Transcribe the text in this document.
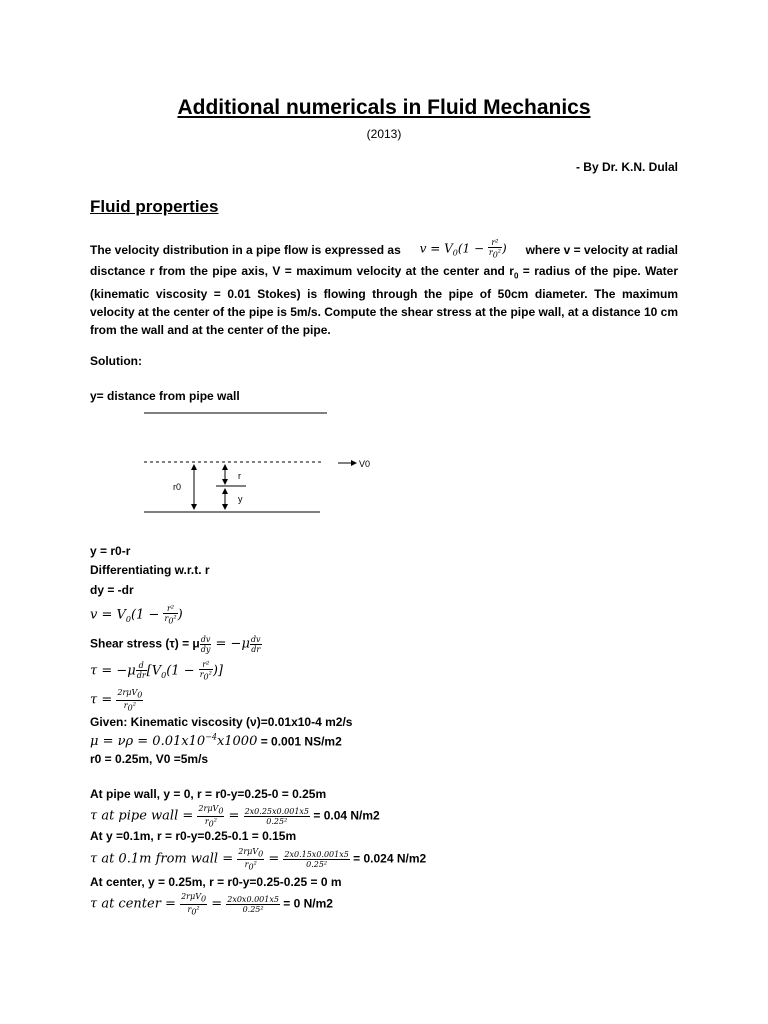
Additional numericals in Fluid Mechanics
(2013)
- By Dr. K.N. Dulal
Fluid properties
The velocity distribution in a pipe flow is expressed as $v = V_0(1 - \frac{\text{r²}}{r_0^2}$ ) where v = velocity at radial
disctance r from the pipe axis, V = maximum velocity at the center and $r_0$ = radius of the pipe. Water (kinematic viscosity = 0.01 Stokes) is flowing through the pipe of 50cm diameter. The maximum velocity at the center of the pipe is 5m/s. Compute the shear stress at the pipe wall, at a distance 10 cm from the wall and at the center of the pipe.
Solution:
y= distance from pipe wall
V0
r0
r
y
y = r0-r
Differentiating w.r.t. r
dy = -dr
$v = V_0(1 - \frac{\text{r²}}{r_0^2}$ )
Shear stress (τ) = μ $\frac{dv}{dy} = -\mu \frac{dv}{dr}$
$\tau = -\mu \frac{d}{dr} [V_0(1 - \frac{\text{r²}}{r_0^2}$ )]
$\tau = \frac{2r\mu V_0}{r_0^2}$
Given: Kinematic viscosity (ν)=0.01x10-4 m2/s
$\mu = \nu\rho = 0.01x10^{-4}x1000 = 0.001$ NS/m2
r0 = 0.25m, V0 =5m/s
At pipe wall, y = 0, r = r0-y=0.25-0 = 0.25m
τ at pipe wall = $\frac{2r\mu V_0}{r_0^2} = \frac{2x0.25x0.001x5}{\text{0.25²}} = 0.04$ N/m2
At y =0.1m, r = r0-y=0.25-0.1 = 0.15m
τ at 0.1m from wall = $\frac{2r\mu V_0}{r_0^2} = \frac{2x0.15x0.001x5}{\text{0.25²}} = 0.024$ N/m2
At center, y = 0.25m, r = r0-y=0.25-0.25 = 0 m
τ at center = $\frac{2r\mu V_0}{r_0^2} = \frac{2x0x0.001x5}{\text{0.25²}} = 0$ N/m2
